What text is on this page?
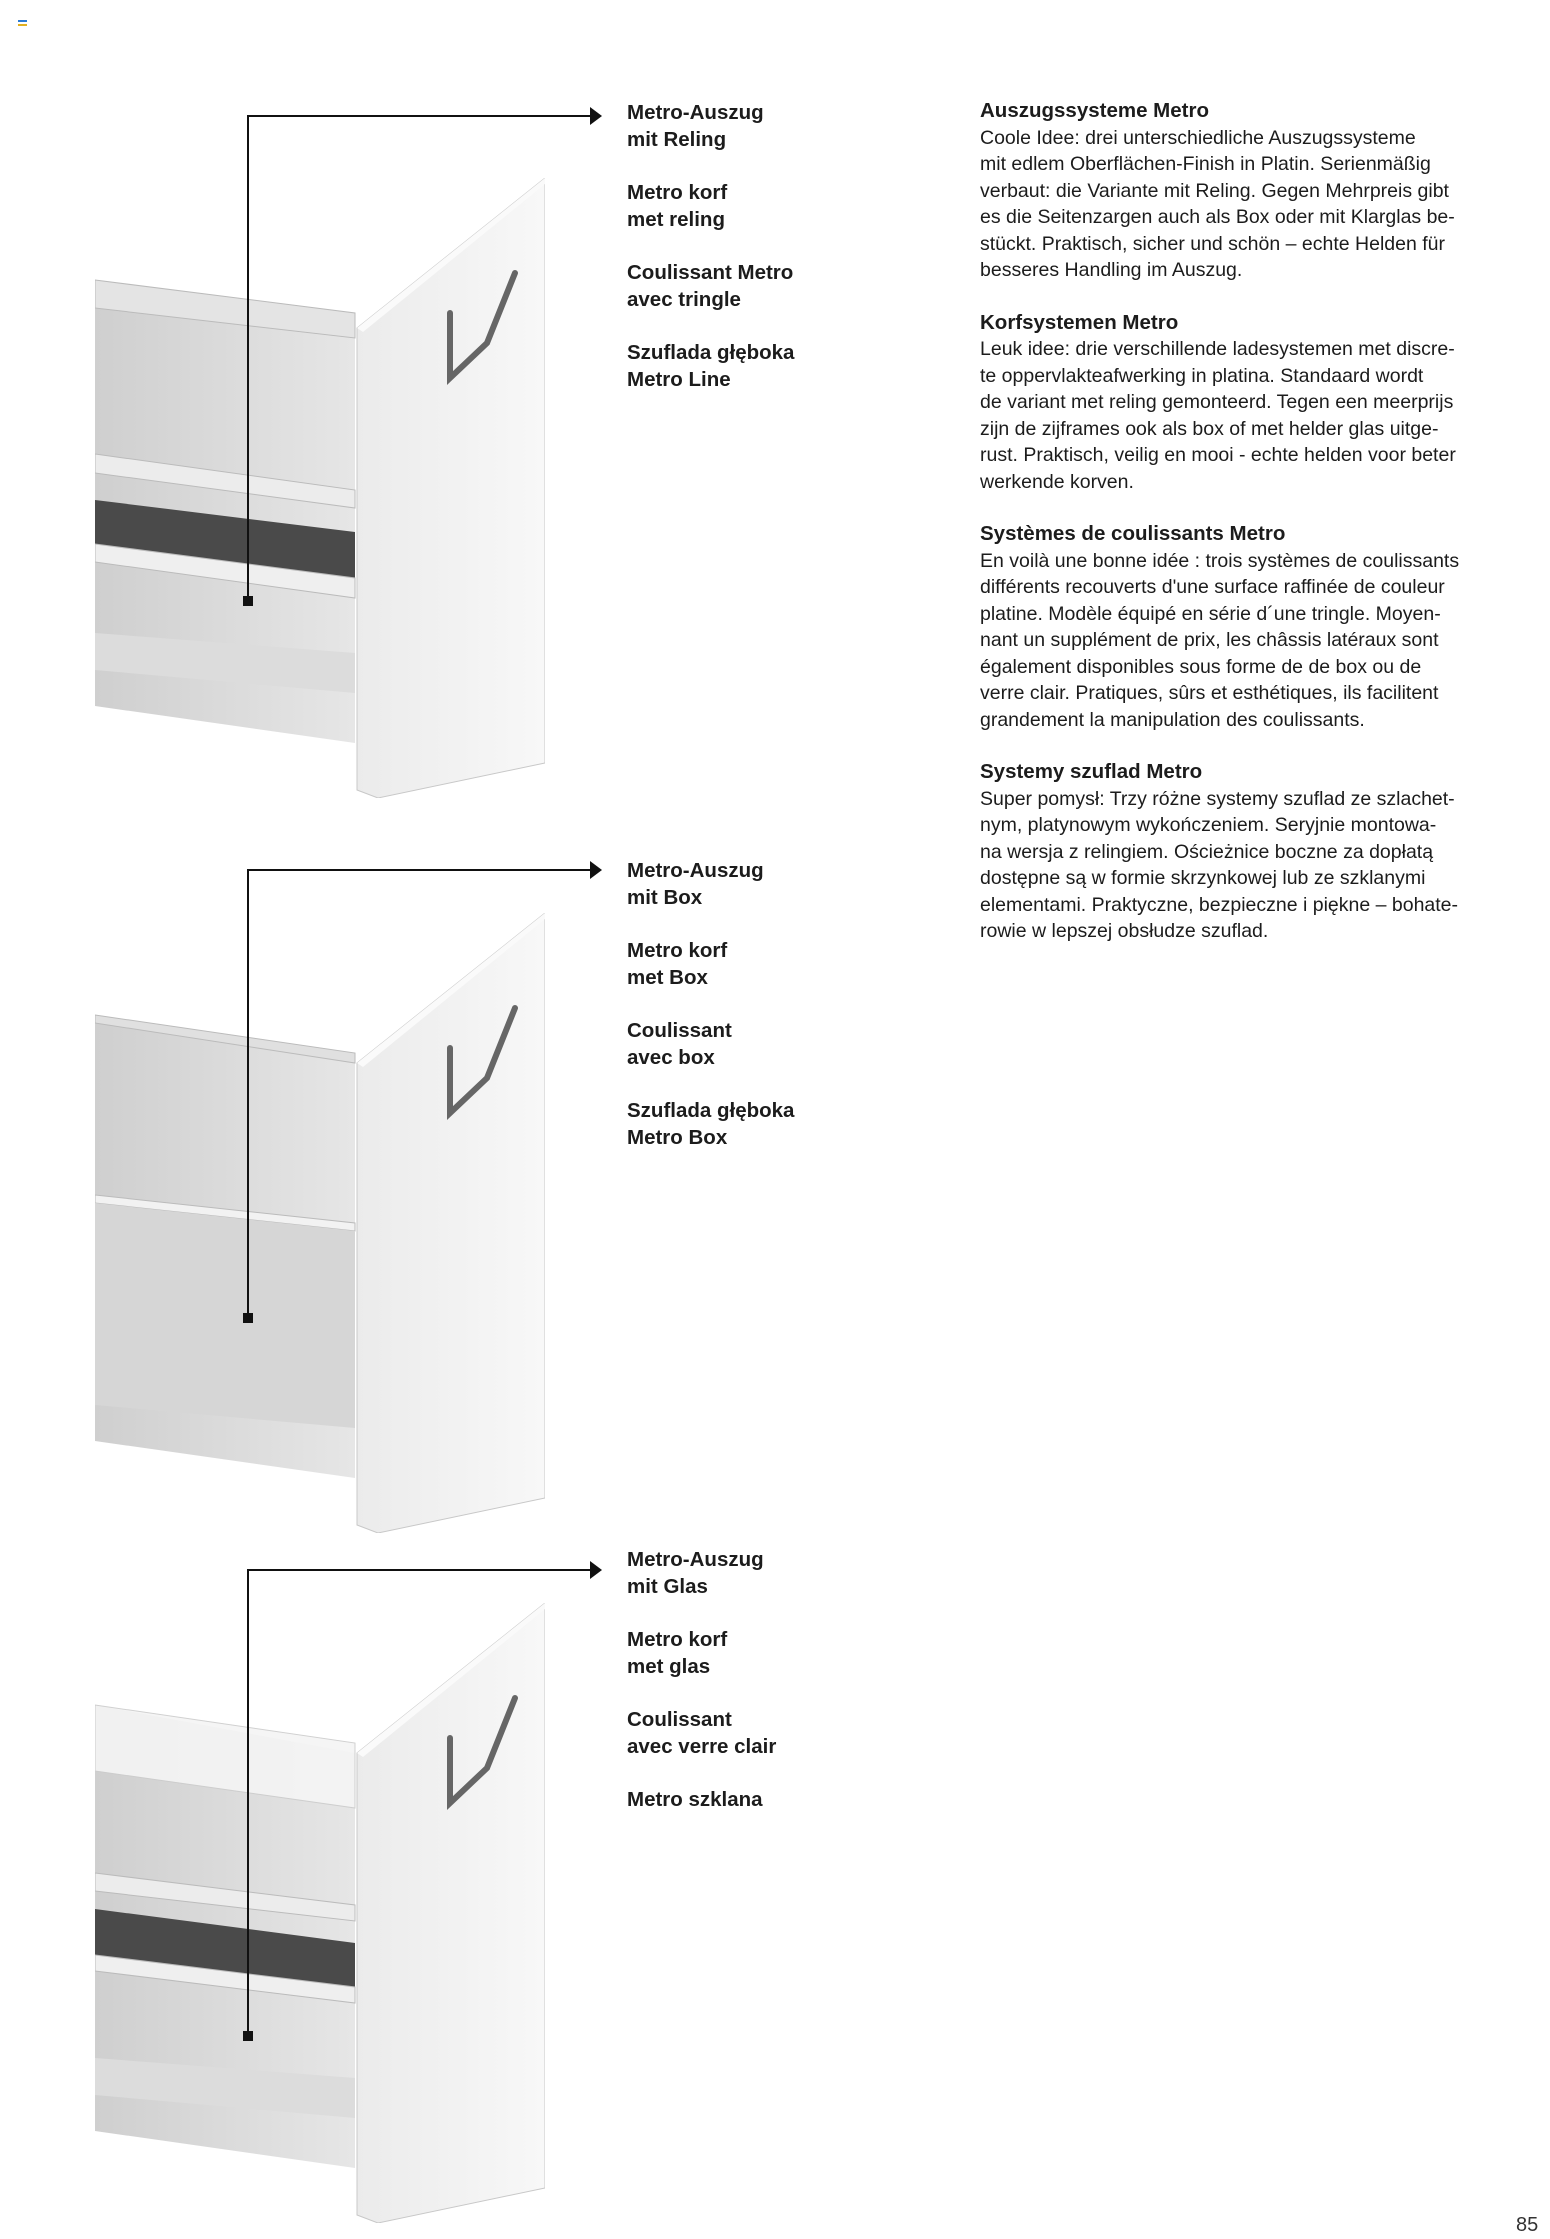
Metro-Auszug
mit Reling
Metro korf
met reling
Coulissant Metro
avec tringle
Szuflada głęboka
Metro Line
Metro-Auszug
mit Box
Metro korf
met Box
Coulissant
avec box
Szuflada głęboka
Metro Box
Metro-Auszug
mit Glas
Metro korf
met glas
Coulissant
avec verre clair
Metro szklana
Auszugssysteme Metro

Coole Idee: drei unterschiedliche Auszugssysteme
mit edlem Oberflächen-Finish in Platin. Serienmäßig
verbaut: die Variante mit Reling. Gegen Mehrpreis gibt
es die Seitenzargen auch als Box oder mit Klarglas be-
stückt. Praktisch, sicher und schön – echte Helden für
besseres Handling im Auszug.

Korfsystemen Metro

Leuk idee: drie verschillende ladesystemen met discre-
te oppervlakteafwerking in platina. Standaard wordt
de variant met reling gemonteerd. Tegen een meerprijs
zijn de zijframes ook als box of met helder glas uitge-
rust. Praktisch, veilig en mooi - echte helden voor beter
werkende korven.

Systèmes de coulissants Metro

En voilà une bonne idée : trois systèmes de coulissants
différents recouverts d'une surface raffinée de couleur
platine. Modèle équipé en série d´une tringle. Moyen-
nant un supplément de prix, les châssis latéraux sont
également disponibles sous forme de de box ou de
verre clair. Pratiques, sûrs et esthétiques, ils facilitent
grandement la manipulation des coulissants.

Systemy szuflad Metro

Super pomysł: Trzy różne systemy szuflad ze szlachet-
nym, platynowym wykończeniem. Seryjnie montowa-
na wersja z relingiem. Ościeżnice boczne za dopłatą
dostępne są w formie skrzynkowej lub ze szklanymi
elementami. Praktyczne, bezpieczne i piękne – bohate-
rowie w lepszej obsłudze szuflad.

85
